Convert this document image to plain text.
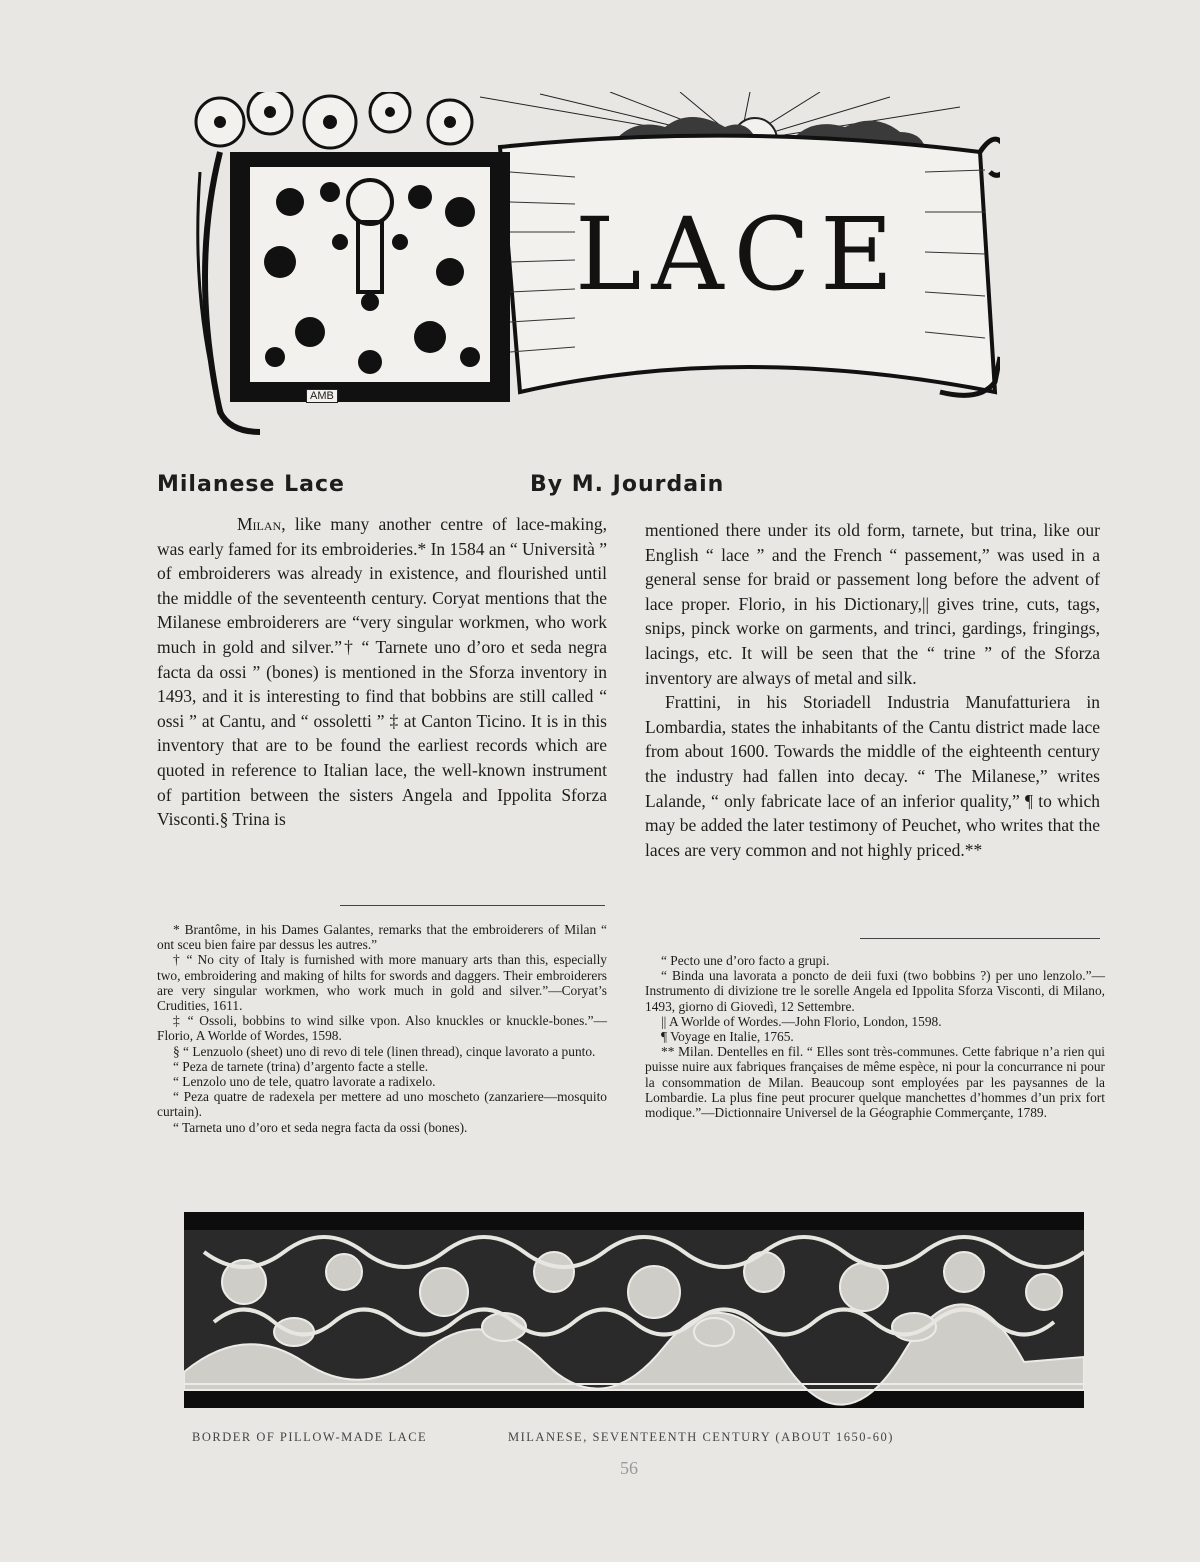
LACE
AMB
Milanese Lace	By M. Jourdain

Milan, like many another centre of lace-making, was early famed for its embroideries.* In 1584 an “ Università ” of embroiderers was already in existence, and flourished until the middle of the seventeenth century. Coryat mentions that the Milanese embroiderers are “very singular workmen, who work much in gold and silver.”† “ Tarnete uno d’oro et seda negra facta da ossi ” (bones) is mentioned in the Sforza inventory in 1493, and it is interesting to find that bobbins are still called “ ossi ” at Cantu, and “ ossoletti ” ‡ at Canton Ticino. It is in this inventory that are to be found the earliest records which are quoted in reference to Italian lace, the well-known instrument of partition between the sisters Angela and Ippolita Sforza Visconti.§ Trina is

mentioned there under its old form, tarnete, but trina, like our English “ lace ” and the French “ passement,” was used in a general sense for braid or passement long before the advent of lace proper. Florio, in his Dictionary,|| gives trine, cuts, tags, snips, pinck worke on garments, and trinci, gardings, fringings, lacings, etc. It will be seen that the “ trine ” of the Sforza inventory are always of metal and silk.

Frattini, in his Storiadell Industria Manufatturiera in Lombardia, states the inhabitants of the Cantu district made lace from about 1600. Towards the middle of the eighteenth century the industry had fallen into decay. “ The Milanese,” writes Lalande, “ only fabricate lace of an inferior quality,” ¶ to which may be added the later testimony of Peuchet, who writes that the laces are very common and not highly priced.**

* Brantôme, in his Dames Galantes, remarks that the embroiderers of Milan “ ont sceu bien faire par dessus les autres.”

† “ No city of Italy is furnished with more manuary arts than this, especially two, embroidering and making of hilts for swords and daggers. Their embroiderers are very singular workmen, who work much in gold and silver.”—Coryat’s Crudities, 1611.

‡ “ Ossoli, bobbins to wind silke vpon. Also knuckles or knuckle-bones.”—Florio, A Worlde of Wordes, 1598.

§ “ Lenzuolo (sheet) uno di revo di tele (linen thread), cinque lavorato a punto.

“ Peza de tarnete (trina) d’argento facte a stelle.

“ Lenzolo uno de tele, quatro lavorate a radixelo.

“ Peza quatre de radexela per mettere ad uno moscheto (zanzariere—mosquito curtain).

“ Tarneta uno d’oro et seda negra facta da ossi (bones).

“ Pecto une d’oro facto a grupi.

“ Binda una lavorata a poncto de deii fuxi (two bobbins ?) per uno lenzolo.”—Instrumento di divizione tre le sorelle Angela ed Ippolita Sforza Visconti, di Milano, 1493, giorno di Giovedì, 12 Settembre.

|| A Worlde of Wordes.—John Florio, London, 1598.

¶ Voyage en Italie, 1765.

** Milan. Dentelles en fil. “ Elles sont très-communes. Cette fabrique n’a rien qui puisse nuire aux fabriques françaises de même espèce, ni pour la concurrance ni pour la consommation de Milan. Beaucoup sont employées par les paysannes de la Lombardie. La plus fine peut procurer quelque manchettes d’hommes d’un prix fort modique.”—Dictionnaire Universel de la Géographie Commerçante, 1789.

BORDER OF PILLOW-MADE LACE	MILANESE, SEVENTEENTH CENTURY (ABOUT 1650-60)
56
